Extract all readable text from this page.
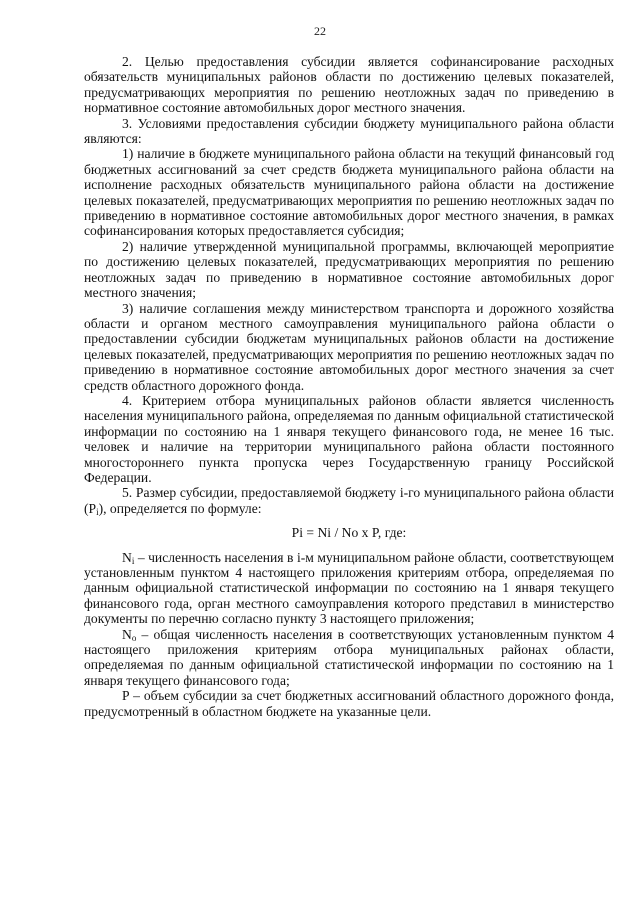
22

2. Целью предоставления субсидии является софинансирование расходных обязательств муниципальных районов области по достижению целевых показателей, предусматривающих мероприятия по решению неотложных задач по приведению в нормативное состояние автомобильных дорог местного значения.

3. Условиями предоставления субсидии бюджету муниципального района области являются:

1) наличие в бюджете муниципального района области на текущий финансовый год бюджетных ассигнований за счет средств бюджета муниципального района области на исполнение расходных обязательств муниципального района области на достижение целевых показателей, предусматривающих мероприятия по решению неотложных задач по приведению в нормативное состояние автомобильных дорог местного значения, в рамках софинансирования которых предоставляется субсидия;

2) наличие утвержденной муниципальной программы, включающей мероприятие по достижению целевых показателей, предусматривающих мероприятия по решению неотложных задач по приведению в нормативное состояние автомобильных дорог местного значения;

3) наличие соглашения между министерством транспорта и дорожного хозяйства области и органом местного самоуправления муниципального района области о предоставлении субсидии бюджетам муниципальных районов области на достижение целевых показателей, предусматривающих мероприятия по решению неотложных задач по приведению в нормативное состояние автомобильных дорог местного значения за счет средств областного дорожного фонда.

4. Критерием отбора муниципальных районов области является численность населения муниципального района, определяемая по данным официальной статистической информации по состоянию на 1 января текущего финансового года, не менее 16 тыс. человек и наличие на территории муниципального района области постоянного многостороннего пункта пропуска через Государственную границу Российской Федерации.

5. Размер субсидии, предоставляемой бюджету i-го муниципального района области $(P_i)$, определяется по формуле:

Pi = Ni / No x P, где:

$N_i$ – численность населения в i-м муниципальном районе области, соответствующем установленным пунктом 4 настоящего приложения критериям отбора, определяемая по данным официальной статистической информации по состоянию на 1 января текущего финансового года, орган местного самоуправления которого представил в министерство документы по перечню согласно пункту 3 настоящего приложения;

$N_o$ – общая численность населения в соответствующих установленным пунктом 4 настоящего приложения критериям отбора муниципальных районах области, определяемая по данным официальной статистической информации по состоянию на 1 января текущего финансового года;

P – объем субсидии за счет бюджетных ассигнований областного дорожного фонда, предусмотренный в областном бюджете на указанные цели.
